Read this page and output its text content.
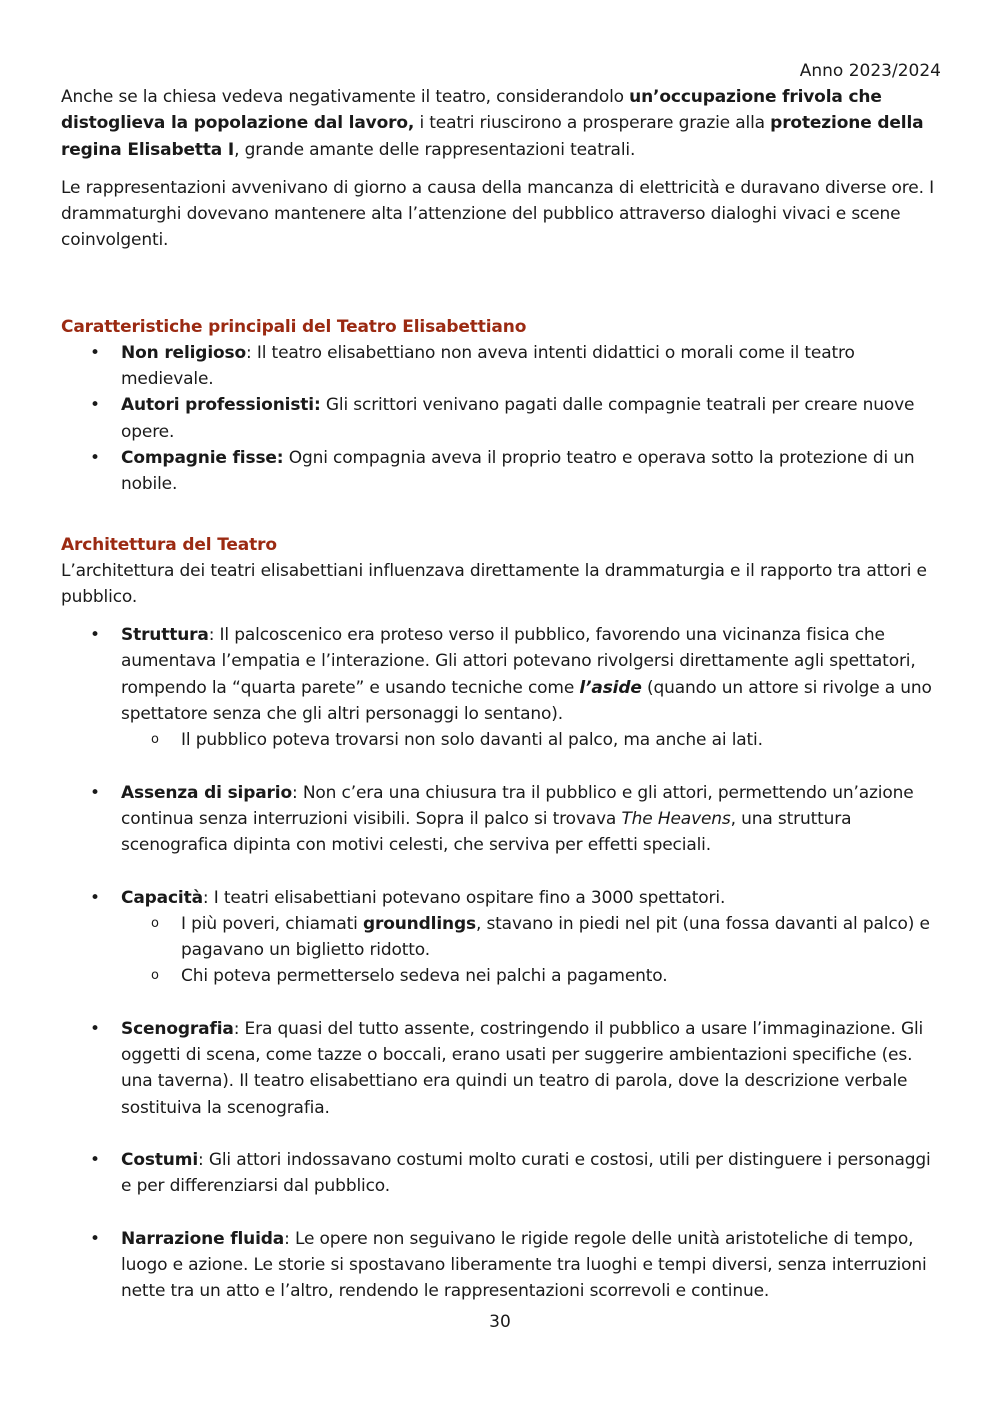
Anno 2023/2024

Anche se la chiesa vedeva negativamente il teatro, considerandolo un’occupazione frivola che distoglieva la popolazione dal lavoro, i teatri riuscirono a prosperare grazie alla protezione della regina Elisabetta I, grande amante delle rappresentazioni teatrali.

Le rappresentazioni avvenivano di giorno a causa della mancanza di elettricità e duravano diverse ore. I drammaturghi dovevano mantenere alta l’attenzione del pubblico attraverso dialoghi vivaci e scene coinvolgenti.

Caratteristiche principali del Teatro Elisabettiano
• Non religioso: Il teatro elisabettiano non aveva intenti didattici o morali come il teatro medievale.
• Autori professionisti: Gli scrittori venivano pagati dalle compagnie teatrali per creare nuove opere.
• Compagnie fisse: Ogni compagnia aveva il proprio teatro e operava sotto la protezione di un nobile.
Architettura del Teatro

L’architettura dei teatri elisabettiani influenzava direttamente la drammaturgia e il rapporto tra attori e pubblico.

• Struttura: Il palcoscenico era proteso verso il pubblico, favorendo una vicinanza fisica che aumentava l’empatia e l’interazione. Gli attori potevano rivolgersi direttamente agli spettatori, rompendo la “quarta parete” e usando tecniche come l’aside (quando un attore si rivolge a uno spettatore senza che gli altri personaggi lo sentano).
o Il pubblico poteva trovarsi non solo davanti al palco, ma anche ai lati.
• Assenza di sipario: Non c’era una chiusura tra il pubblico e gli attori, permettendo un’azione continua senza interruzioni visibili. Sopra il palco si trovava The Heavens, una struttura scenografica dipinta con motivi celesti, che serviva per effetti speciali.
• Capacità: I teatri elisabettiani potevano ospitare fino a 3000 spettatori.
o I più poveri, chiamati groundlings, stavano in piedi nel pit (una fossa davanti al palco) e pagavano un biglietto ridotto.
o Chi poteva permetterselo sedeva nei palchi a pagamento.
• Scenografia: Era quasi del tutto assente, costringendo il pubblico a usare l’immaginazione. Gli oggetti di scena, come tazze o boccali, erano usati per suggerire ambientazioni specifiche (es. una taverna). Il teatro elisabettiano era quindi un teatro di parola, dove la descrizione verbale sostituiva la scenografia.
• Costumi: Gli attori indossavano costumi molto curati e costosi, utili per distinguere i personaggi e per differenziarsi dal pubblico.
• Narrazione fluida: Le opere non seguivano le rigide regole delle unità aristoteliche di tempo, luogo e azione. Le storie si spostavano liberamente tra luoghi e tempi diversi, senza interruzioni nette tra un atto e l’altro, rendendo le rappresentazioni scorrevoli e continue.
30
